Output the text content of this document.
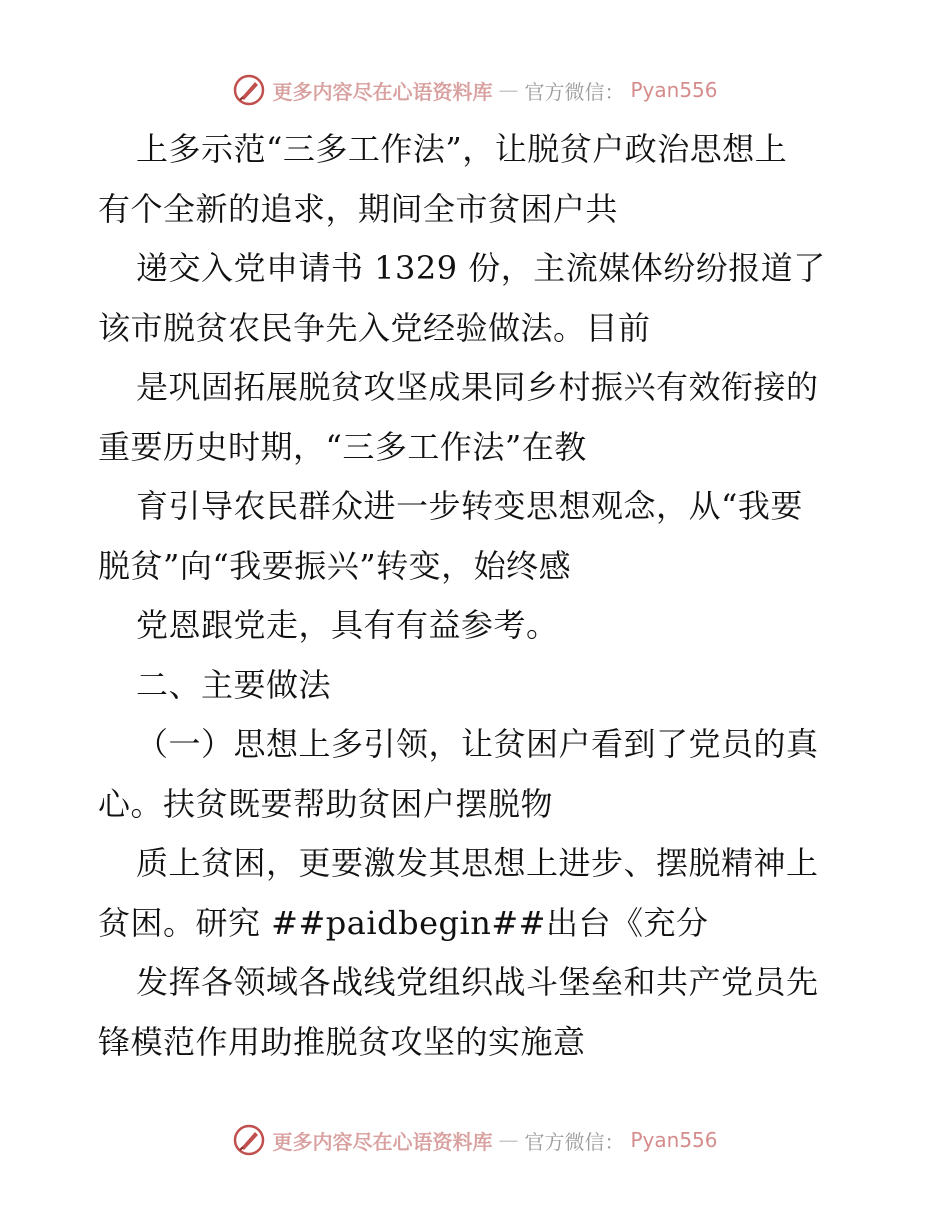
更多内容尽在心语资料库 — 官方微信： Pyan556
上多示范“三多工作法”，让脱贫户政治思想上
有个全新的追求，期间全市贫困户共
递交入党申请书 1329 份，主流媒体纷纷报道了
该市脱贫农民争先入党经验做法。目前
是巩固拓展脱贫攻坚成果同乡村振兴有效衔接的
重要历史时期，“三多工作法”在教
育引导农民群众进一步转变思想观念，从“我要
脱贫”向“我要振兴”转变，始终感
党恩跟党走，具有有益参考。
二、主要做法
（一）思想上多引领，让贫困户看到了党员的真
心。扶贫既要帮助贫困户摆脱物
质上贫困，更要激发其思想上进步、摆脱精神上
贫困。研究 ##paidbegin##出台《充分
发挥各领域各战线党组织战斗堡垒和共产党员先
锋模范作用助推脱贫攻坚的实施意
更多内容尽在心语资料库 — 官方微信： Pyan556
